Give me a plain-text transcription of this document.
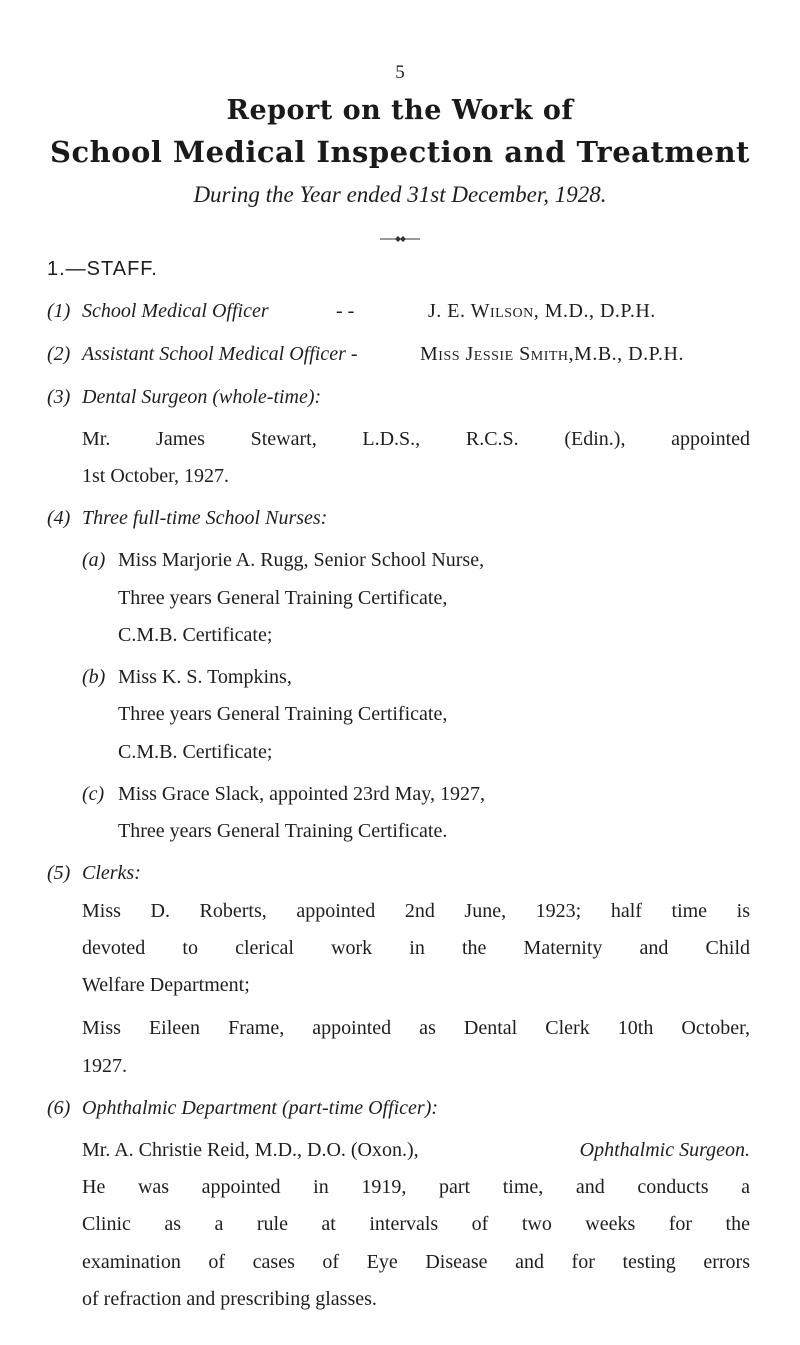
5
Report on the Work of
School Medical Inspection and Treatment
During the Year ended 31st December, 1928.
1.—STAFF.
(1) School Medical Officer	- -	J. E. Wilson, M.D., D.P.H.
(2) Assistant School Medical Officer -	Miss Jessie Smith,M.B., D.P.H.
(3) Dental Surgeon (whole-time):
Mr. James Stewart, L.D.S., R.C.S. (Edin.), appointed
1st October, 1927.
(4) Three full-time School Nurses:
(a) Miss Marjorie A. Rugg, Senior School Nurse,
Three years General Training Certificate,
C.M.B. Certificate;
(b) Miss K. S. Tompkins,
Three years General Training Certificate,
C.M.B. Certificate;
(c) Miss Grace Slack, appointed 23rd May, 1927,
Three years General Training Certificate.
(5) Clerks:
Miss D. Roberts, appointed 2nd June, 1923; half time is
devoted to clerical work in the Maternity and Child
Welfare Department;
Miss Eileen Frame, appointed as Dental Clerk 10th October,
1927.
(6) Ophthalmic Department (part-time Officer):
Mr. A. Christie Reid, M.D., D.O. (Oxon.),	Ophthalmic Surgeon.
He was appointed in 1919, part time, and conducts a
Clinic as a rule at intervals of two weeks for the
examination of cases of Eye Disease and for testing errors
of refraction and prescribing glasses.
